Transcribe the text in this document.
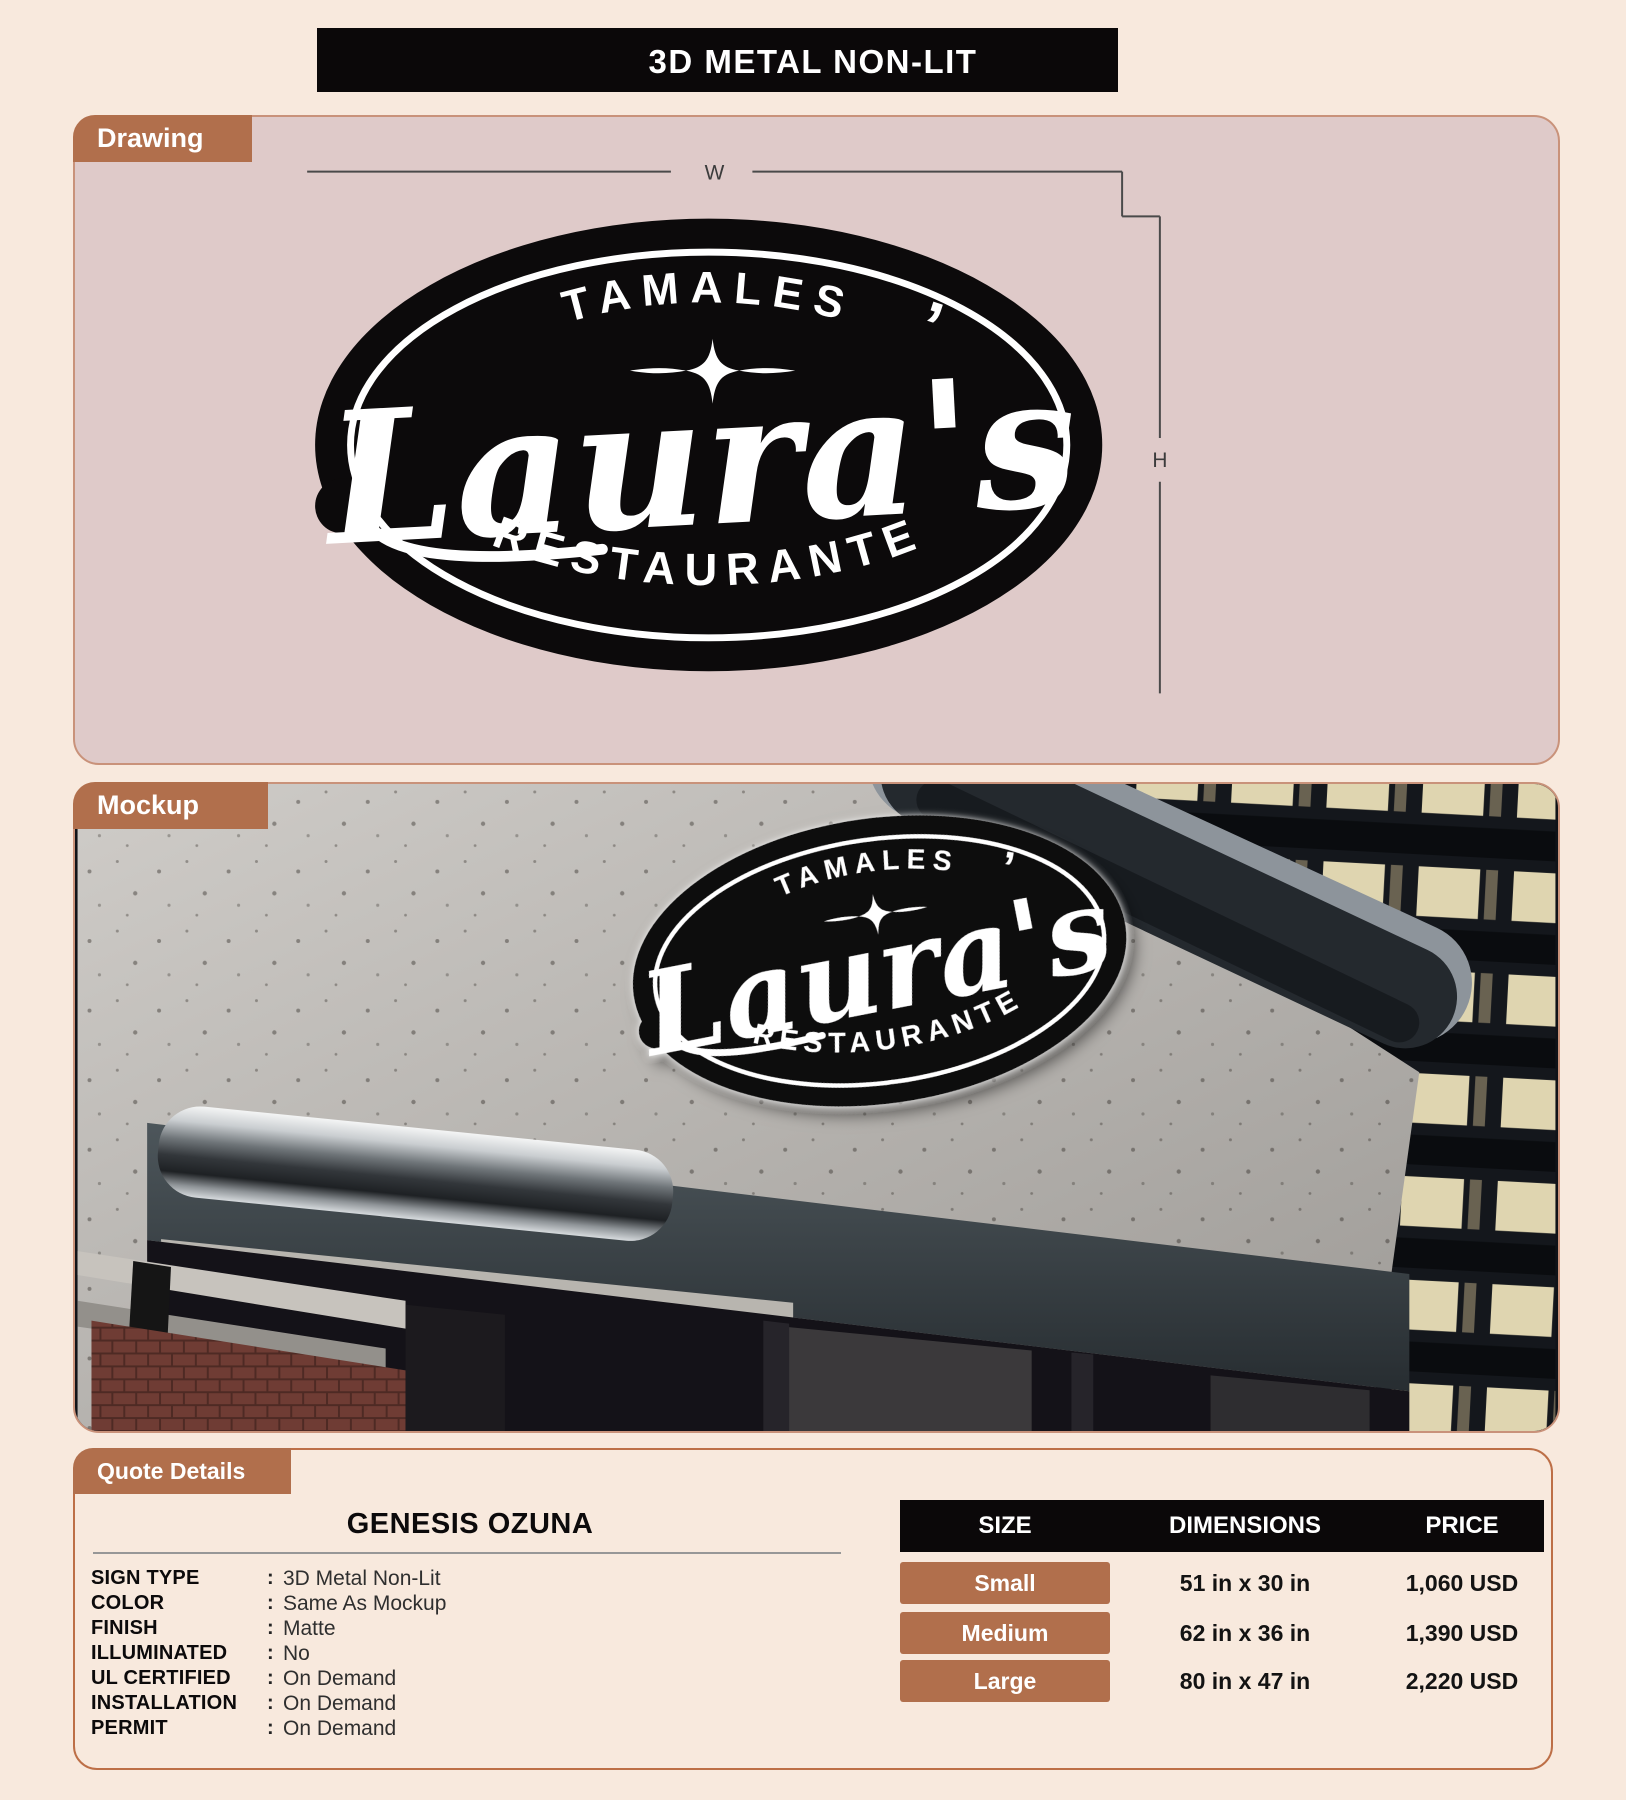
3D METAL NON-LIT
W
H
Drawing
Mockup
GENESIS OZUNA
SIGN TYPE	: 3D Metal Non-Lit
COLOR	: Same As Mockup
FINISH	: Matte
ILLUMINATED	: No
UL CERTIFIED	: On Demand
INSTALLATION	: On Demand
PERMIT	: On Demand
SIZE	DIMENSIONS	PRICE
Small	51 in x 30 in	1,060 USD
Medium	62 in x 36 in	1,390 USD
Large	80 in x 47 in	2,220 USD
Quote Details
